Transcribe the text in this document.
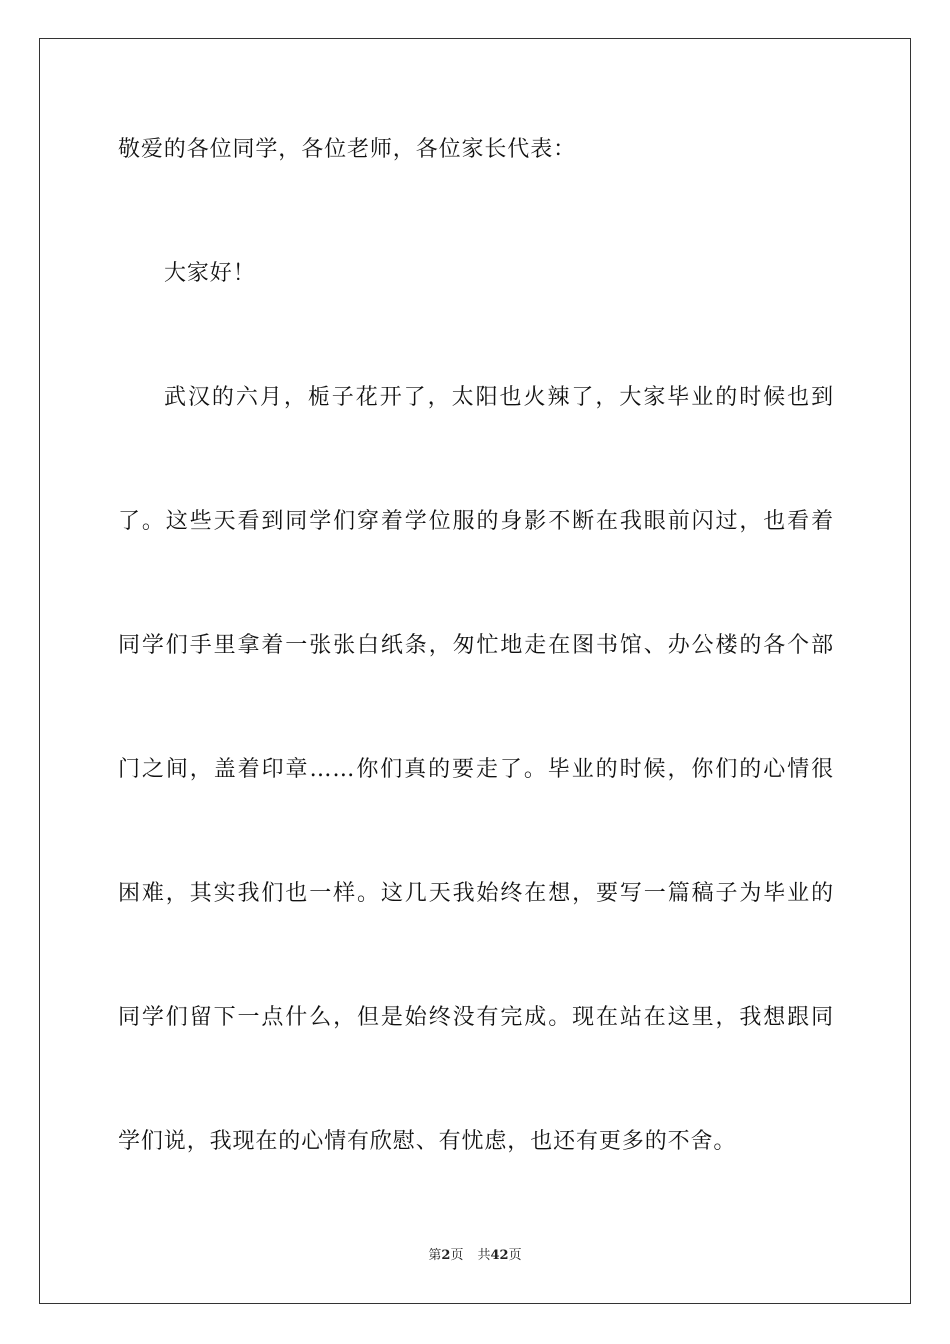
敬爱的各位同学，各位老师，各位家长代表：
大家好！
武汉的六月，栀子花开了，太阳也火辣了，大家毕业的时候也到
了。这些天看到同学们穿着学位服的身影不断在我眼前闪过，也看着
同学们手里拿着一张张白纸条，匆忙地走在图书馆、办公楼的各个部
门之间，盖着印章……你们真的要走了。毕业的时候，你们的心情很
困难，其实我们也一样。这几天我始终在想，要写一篇稿子为毕业的
同学们留下一点什么，但是始终没有完成。现在站在这里，我想跟同
学们说，我现在的心情有欣慰、有忧虑，也还有更多的不舍。
第2页 共42页
